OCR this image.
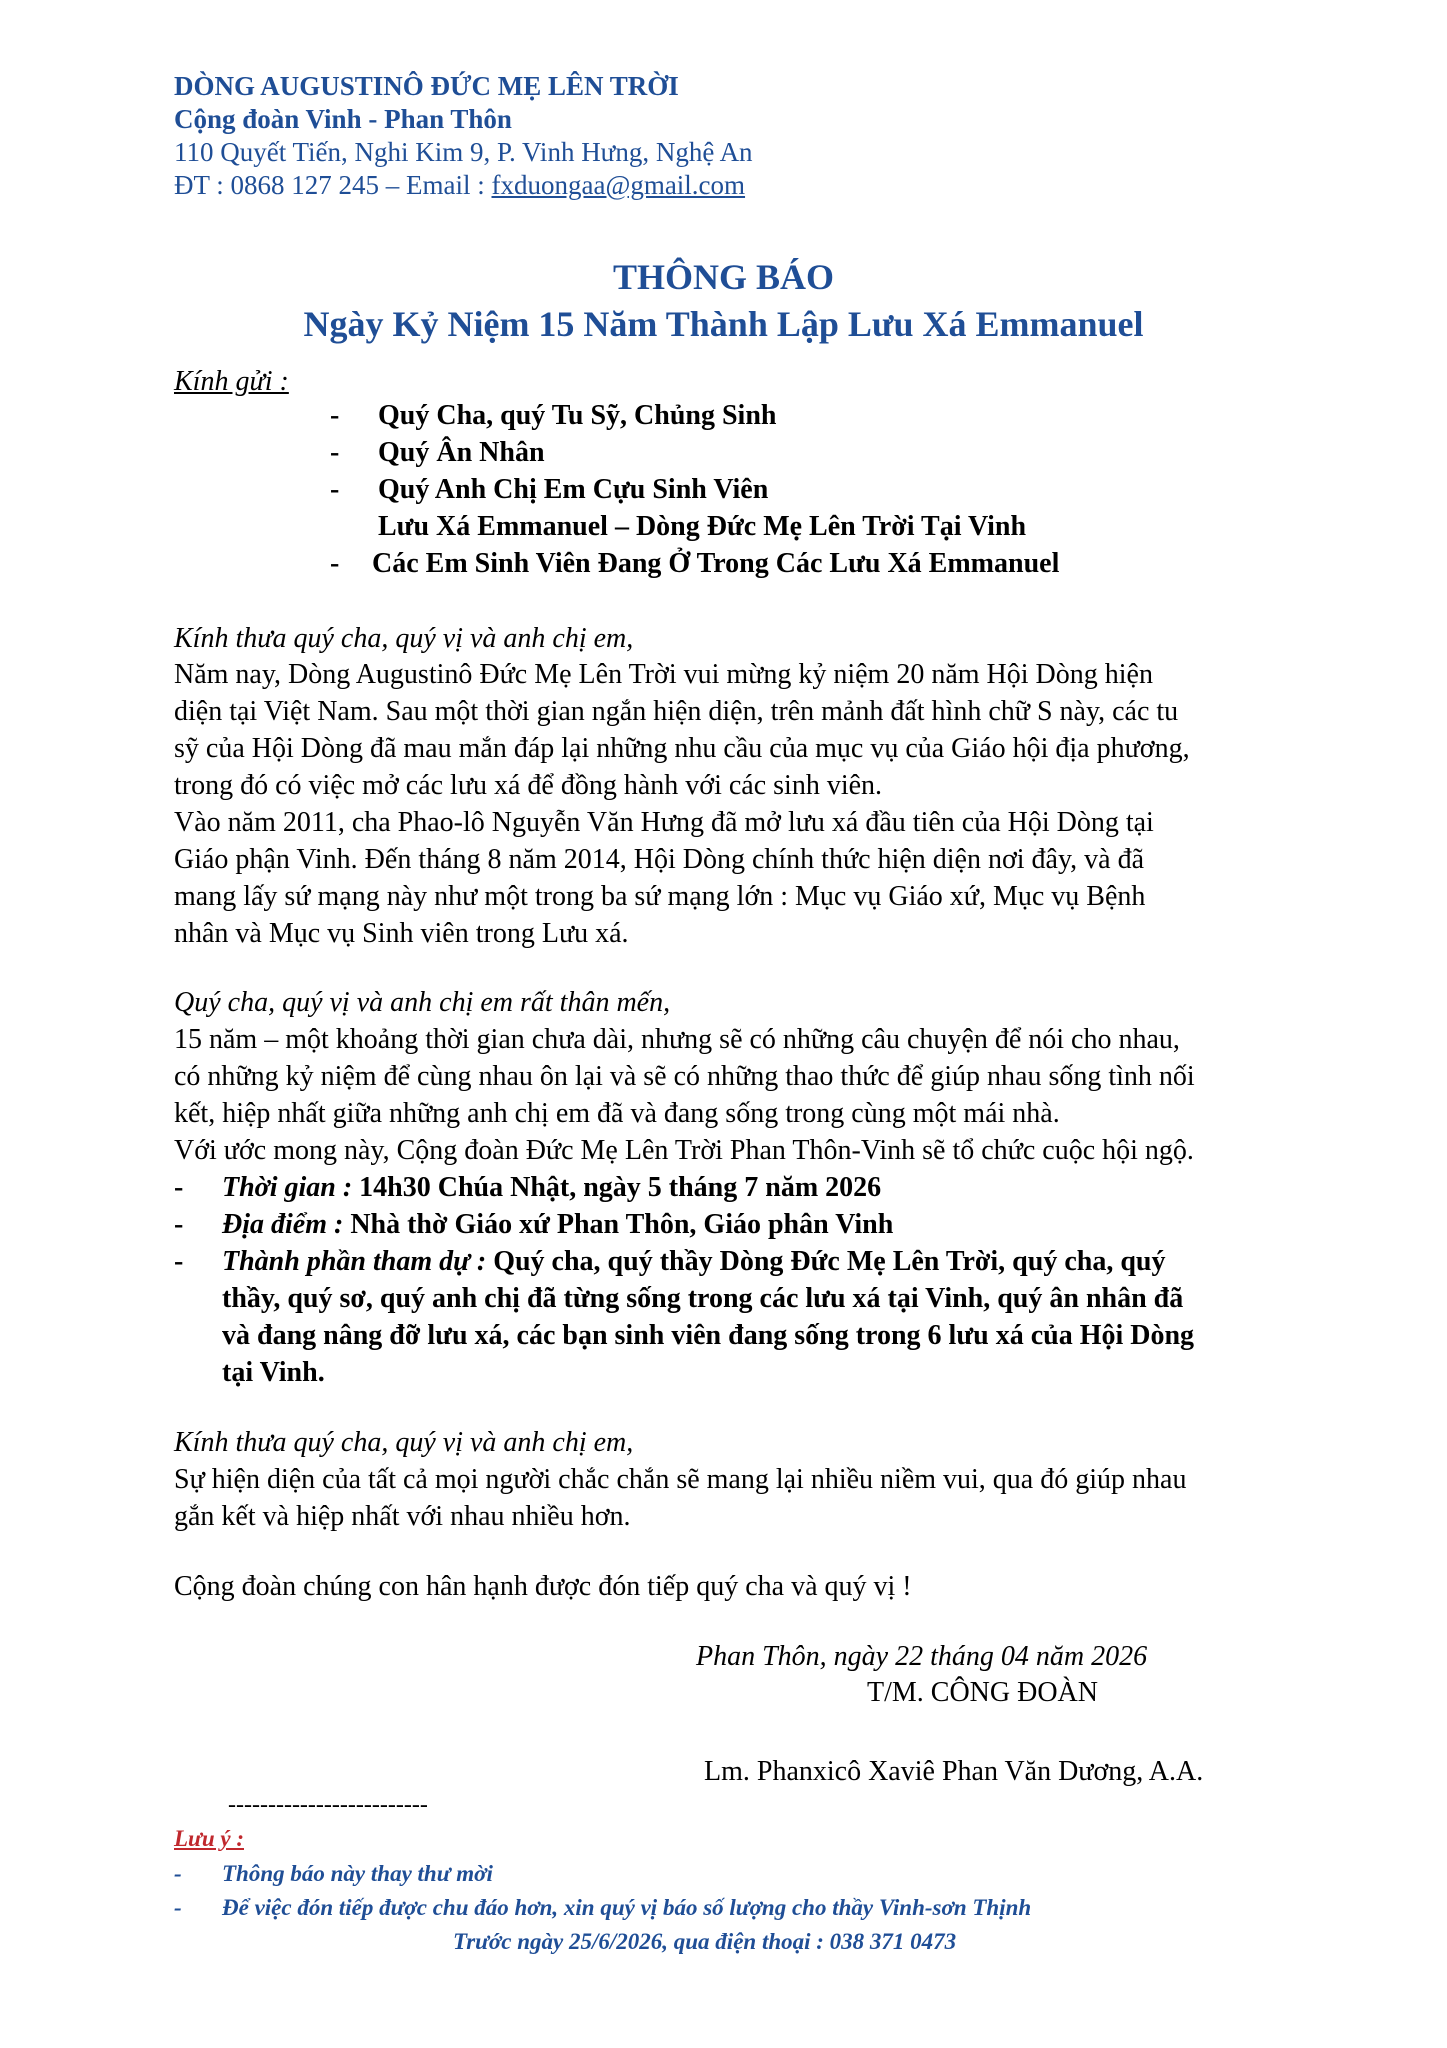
DÒNG AUGUSTINÔ ĐỨC MẸ LÊN TRỜI
Cộng đoàn Vinh - Phan Thôn
110 Quyết Tiến, Nghi Kim 9, P. Vinh Hưng, Nghệ An
ĐT : 0868 127 245 – Email : fxduongaa@gmail.com
THÔNG BÁO
Ngày Kỷ Niệm 15 Năm Thành Lập Lưu Xá Emmanuel
Kính gửi :
- Quý Cha, quý Tu Sỹ, Chủng Sinh
- Quý Ân Nhân
- Quý Anh Chị Em Cựu Sinh Viên
Lưu Xá Emmanuel – Dòng Đức Mẹ Lên Trời Tại Vinh
- Các Em Sinh Viên Đang Ở Trong Các Lưu Xá Emmanuel
Kính thưa quý cha, quý vị và anh chị em,
Năm nay, Dòng Augustinô Đức Mẹ Lên Trời vui mừng kỷ niệm 20 năm Hội Dòng hiện
diện tại Việt Nam. Sau một thời gian ngắn hiện diện, trên mảnh đất hình chữ S này, các tu
sỹ của Hội Dòng đã mau mắn đáp lại những nhu cầu của mục vụ của Giáo hội địa phương,
trong đó có việc mở các lưu xá để đồng hành với các sinh viên.
Vào năm 2011, cha Phao-lô Nguyễn Văn Hưng đã mở lưu xá đầu tiên của Hội Dòng tại
Giáo phận Vinh. Đến tháng 8 năm 2014, Hội Dòng chính thức hiện diện nơi đây, và đã
mang lấy sứ mạng này như một trong ba sứ mạng lớn : Mục vụ Giáo xứ, Mục vụ Bệnh
nhân và Mục vụ Sinh viên trong Lưu xá.
Quý cha, quý vị và anh chị em rất thân mến,
15 năm – một khoảng thời gian chưa dài, nhưng sẽ có những câu chuyện để nói cho nhau,
có những kỷ niệm để cùng nhau ôn lại và sẽ có những thao thức để giúp nhau sống tình nối
kết, hiệp nhất giữa những anh chị em đã và đang sống trong cùng một mái nhà.
Với ước mong này, Cộng đoàn Đức Mẹ Lên Trời Phan Thôn-Vinh sẽ tổ chức cuộc hội ngộ.
- Thời gian : 14h30 Chúa Nhật, ngày 5 tháng 7 năm 2026
- Địa điểm : Nhà thờ Giáo xứ Phan Thôn, Giáo phân Vinh
- Thành phần tham dự : Quý cha, quý thầy Dòng Đức Mẹ Lên Trời, quý cha, quý
thầy, quý sơ, quý anh chị đã từng sống trong các lưu xá tại Vinh, quý ân nhân đã
và đang nâng đỡ lưu xá, các bạn sinh viên đang sống trong 6 lưu xá của Hội Dòng
tại Vinh.
Kính thưa quý cha, quý vị và anh chị em,
Sự hiện diện của tất cả mọi người chắc chắn sẽ mang lại nhiều niềm vui, qua đó giúp nhau
gắn kết và hiệp nhất với nhau nhiều hơn.
Cộng đoàn chúng con hân hạnh được đón tiếp quý cha và quý vị !
Phan Thôn, ngày 22 tháng 04 năm 2026
T/M. CÔNG ĐOÀN
Lm. Phanxicô Xaviê Phan Văn Dương, A.A.
-------------------------
Lưu ý :
- Thông báo này thay thư mời
- Để việc đón tiếp được chu đáo hơn, xin quý vị báo số lượng cho thầy Vinh-sơn Thịnh
Trước ngày 25/6/2026, qua điện thoại : 038 371 0473
